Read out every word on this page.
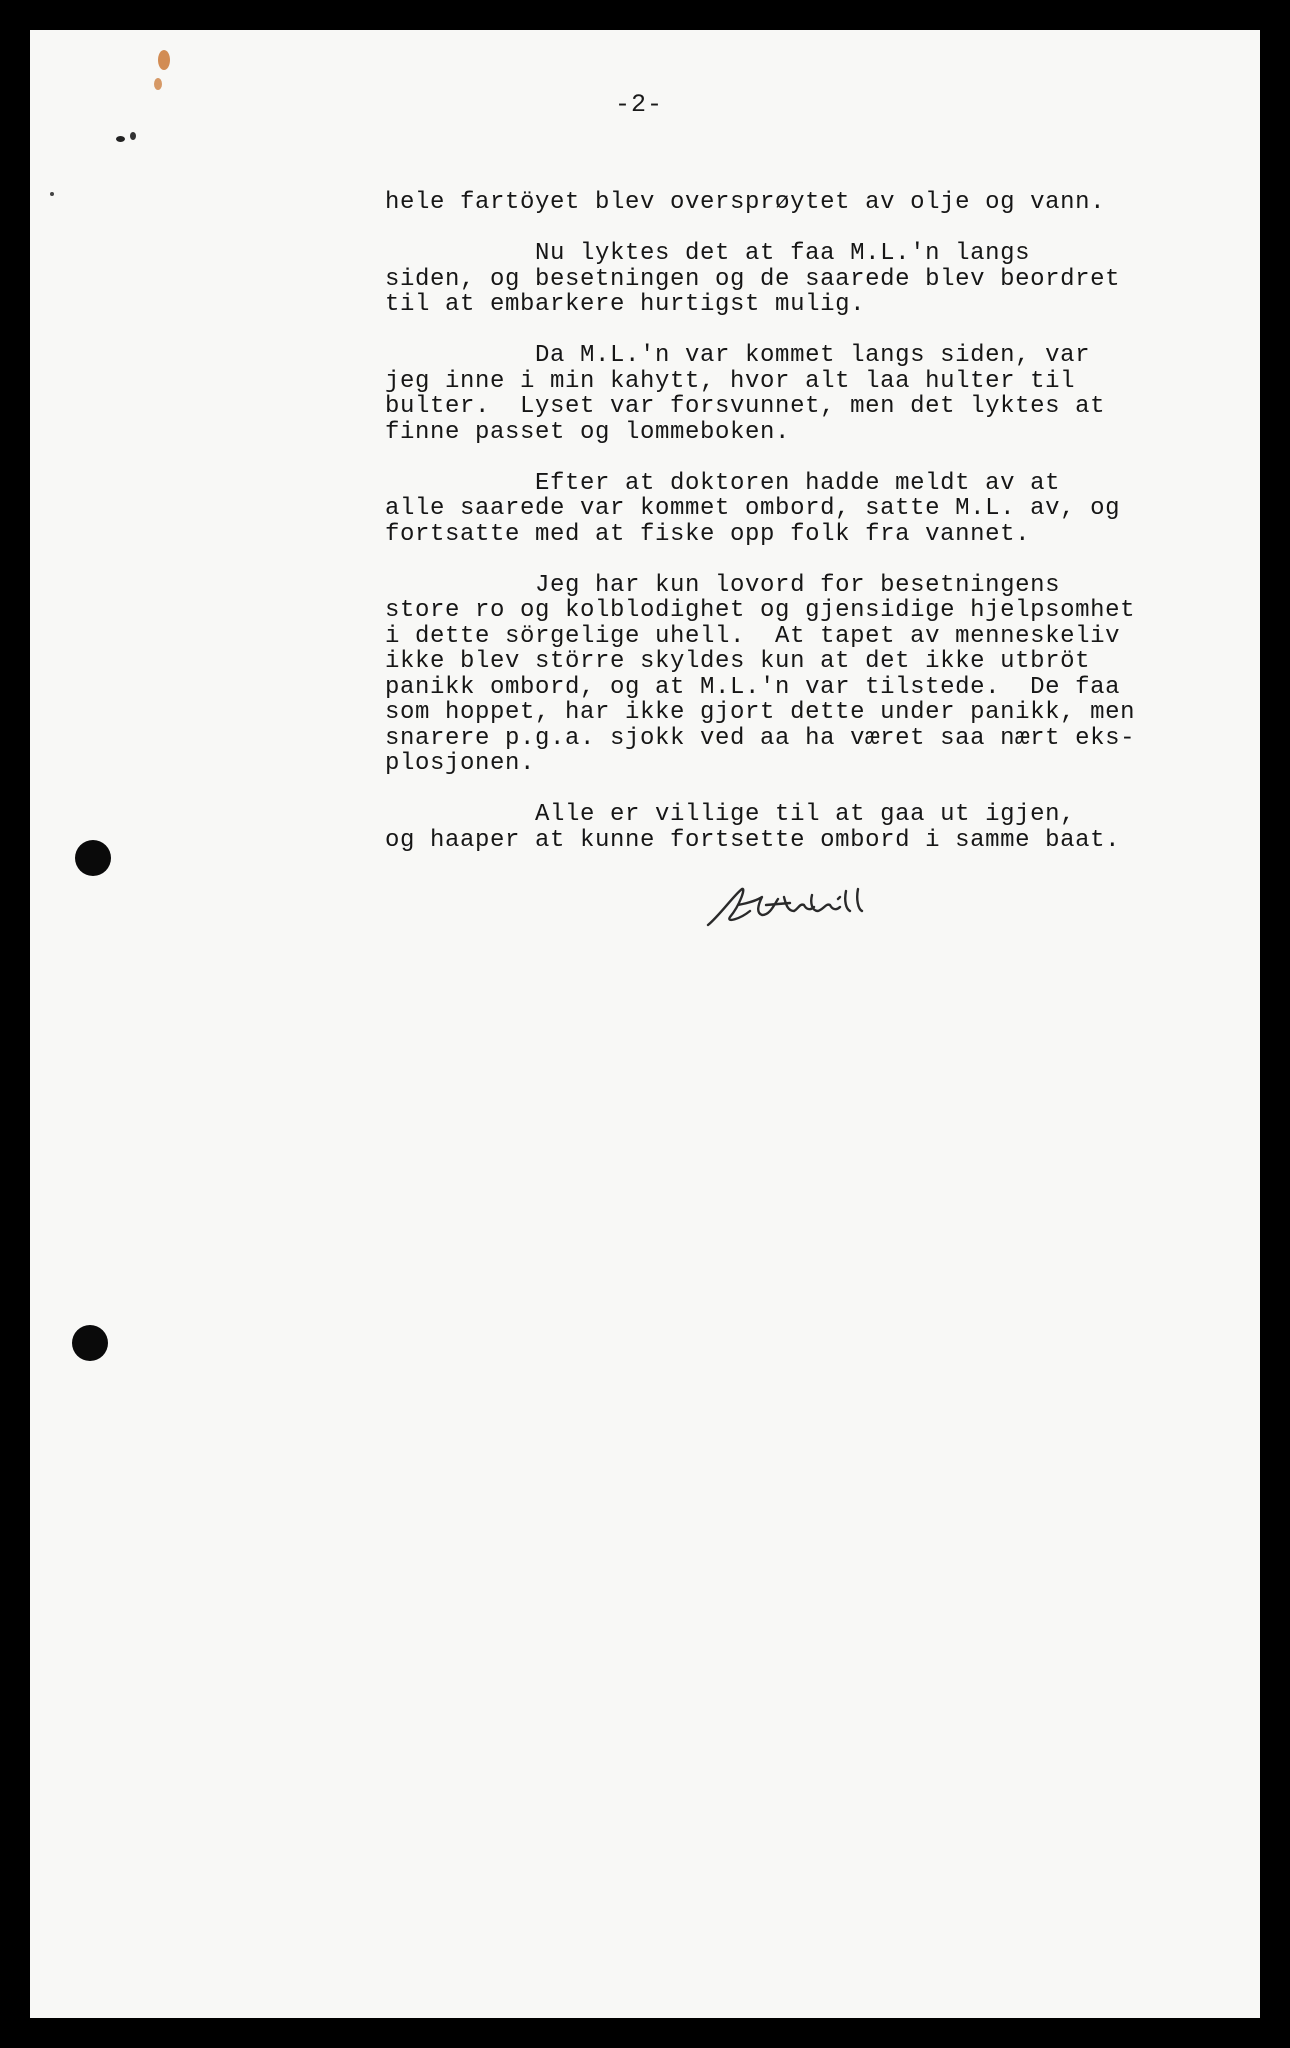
-2-

hele fartöyet blev oversprøytet av olje og vann.

Nu lyktes det at faa M.L.'n langs
siden, og besetningen og de saarede blev beordret
til at embarkere hurtigst mulig.

Da M.L.'n var kommet langs siden, var
jeg inne i min kahytt, hvor alt laa hulter til
bulter.  Lyset var forsvunnet, men det lyktes at
finne passet og lommeboken.

Efter at doktoren hadde meldt av at
alle saarede var kommet ombord, satte M.L. av, og
fortsatte med at fiske opp folk fra vannet.

Jeg har kun lovord for besetningens
store ro og kolblodighet og gjensidige hjelpsomhet
i dette sörgelige uhell.  At tapet av menneskeliv
ikke blev större skyldes kun at det ikke utbröt
panikk ombord, og at M.L.'n var tilstede.  De faa
som hoppet, har ikke gjort dette under panikk, men
snarere p.g.a. sjokk ved aa ha været saa nært eks-
plosjonen.

Alle er villige til at gaa ut igjen,
og haaper at kunne fortsette ombord i samme baat.
